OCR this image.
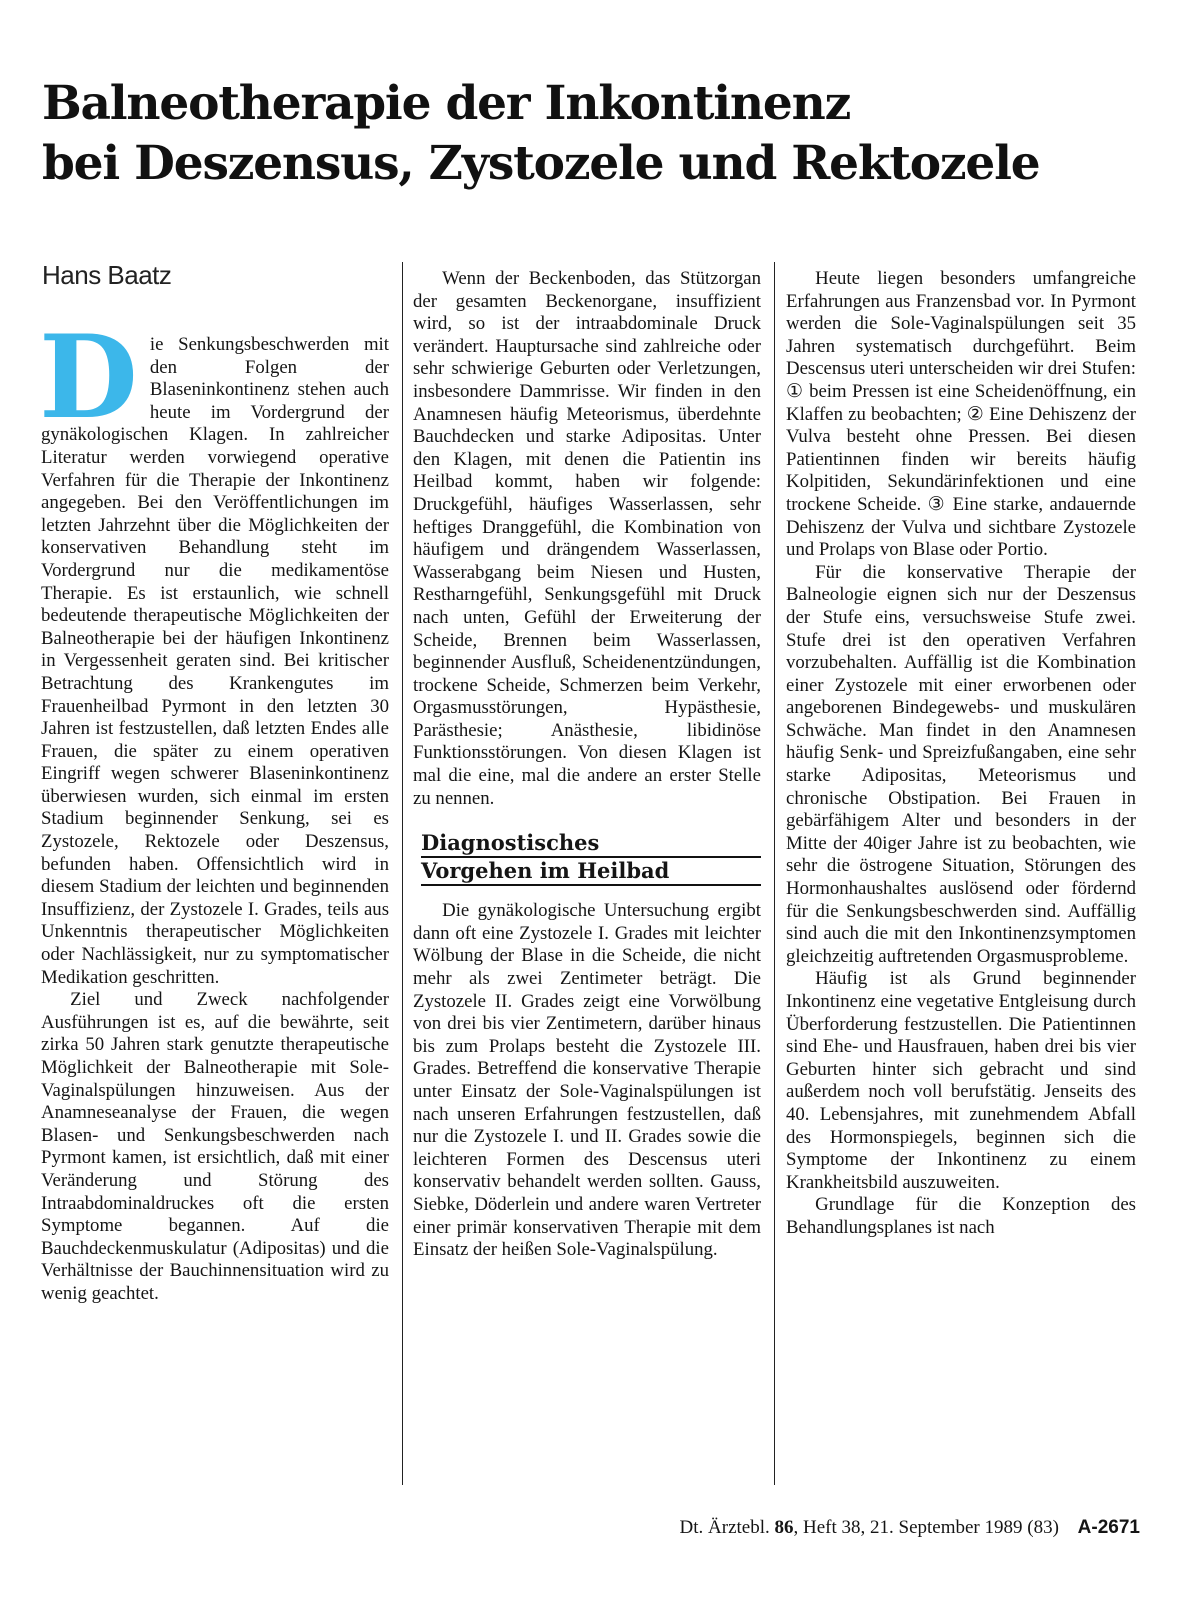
Balneotherapie der Inkontinenz
bei Deszensus, Zystozele und Rektozele
Hans Baatz
D ie Senkungsbeschwerden mit den Folgen der Blaseninkontinenz stehen auch heute im Vordergrund der gynäkologischen Klagen. In zahlreicher Literatur werden vorwiegend operative Verfahren für die Therapie der Inkontinenz angegeben. Bei den Veröffentlichungen im letzten Jahrzehnt über die Möglichkeiten der konservativen Behandlung steht im Vordergrund nur die medikamentöse Therapie. Es ist erstaunlich, wie schnell bedeutende therapeutische Möglichkeiten der Balneotherapie bei der häufigen Inkontinenz in Vergessenheit geraten sind. Bei kritischer Betrachtung des Krankengutes im Frauenheilbad Pyrmont in den letzten 30 Jahren ist festzustellen, daß letzten Endes alle Frauen, die später zu einem operativen Eingriff wegen schwerer Blaseninkontinenz überwiesen wurden, sich einmal im ersten Stadium beginnender Senkung, sei es Zystozele, Rektozele oder Deszensus, befunden haben. Offensichtlich wird in diesem Stadium der leichten und beginnenden Insuffizienz, der Zystozele I. Grades, teils aus Unkenntnis therapeutischer Möglichkeiten oder Nachlässigkeit, nur zu symptomatischer Medikation geschritten.

Ziel und Zweck nachfolgender Ausführungen ist es, auf die bewährte, seit zirka 50 Jahren stark genutzte therapeutische Möglichkeit der Balneotherapie mit Sole-Vaginalspülungen hinzuweisen. Aus der Anamneseanalyse der Frauen, die wegen Blasen- und Senkungsbeschwerden nach Pyrmont kamen, ist ersichtlich, daß mit einer Veränderung und Störung des Intraabdominaldruckes oft die ersten Symptome begannen. Auf die Bauchdeckenmuskulatur (Adipositas) und die Verhältnisse der Bauchinnensituation wird zu wenig geachtet.

Wenn der Beckenboden, das Stützorgan der gesamten Beckenorgane, insuffizient wird, so ist der intraabdominale Druck verändert. Hauptursache sind zahlreiche oder sehr schwierige Geburten oder Verletzungen, insbesondere Dammrisse. Wir finden in den Anamnesen häufig Meteorismus, überdehnte Bauchdecken und starke Adipositas. Unter den Klagen, mit denen die Patientin ins Heilbad kommt, haben wir folgende: Druckgefühl, häufiges Wasserlassen, sehr heftiges Dranggefühl, die Kombination von häufigem und drängendem Wasserlassen, Wasserabgang beim Niesen und Husten, Restharngefühl, Senkungsgefühl mit Druck nach unten, Gefühl der Erweiterung der Scheide, Brennen beim Wasserlassen, beginnender Ausfluß, Scheidenentzündungen, trockene Scheide, Schmerzen beim Verkehr, Orgasmusstörungen, Hypästhesie, Parästhesie; Anästhesie, libidinöse Funktionsstörungen. Von diesen Klagen ist mal die eine, mal die andere an erster Stelle zu nennen.

Diagnostisches
Vorgehen im Heilbad

Die gynäkologische Untersuchung ergibt dann oft eine Zystozele I. Grades mit leichter Wölbung der Blase in die Scheide, die nicht mehr als zwei Zentimeter beträgt. Die Zystozele II. Grades zeigt eine Vorwölbung von drei bis vier Zentimetern, darüber hinaus bis zum Prolaps besteht die Zystozele III. Grades. Betreffend die konservative Therapie unter Einsatz der Sole-Vaginalspülungen ist nach unseren Erfahrungen festzustellen, daß nur die Zystozele I. und II. Grades sowie die leichteren Formen des Descensus uteri konservativ behandelt werden sollten. Gauss, Siebke, Döderlein und andere waren Vertreter einer primär konservativen Therapie mit dem Einsatz der heißen Sole-Vaginalspülung.

Heute liegen besonders umfangreiche Erfahrungen aus Franzensbad vor. In Pyrmont werden die Sole-Vaginalspülungen seit 35 Jahren systematisch durchgeführt. Beim Descensus uteri unterscheiden wir drei Stufen: ① beim Pressen ist eine Scheidenöffnung, ein Klaffen zu beobachten; ② Eine Dehiszenz der Vulva besteht ohne Pressen. Bei diesen Patientinnen finden wir bereits häufig Kolpitiden, Sekundärinfektionen und eine trockene Scheide. ③ Eine starke, andauernde Dehiszenz der Vulva und sichtbare Zystozele und Prolaps von Blase oder Portio.

Für die konservative Therapie der Balneologie eignen sich nur der Deszensus der Stufe eins, versuchsweise Stufe zwei. Stufe drei ist den operativen Verfahren vorzubehalten. Auffällig ist die Kombination einer Zystozele mit einer erworbenen oder angeborenen Bindegewebs- und muskulären Schwäche. Man findet in den Anamnesen häufig Senk- und Spreizfußangaben, eine sehr starke Adipositas, Meteorismus und chronische Obstipation. Bei Frauen in gebärfähigem Alter und besonders in der Mitte der 40iger Jahre ist zu beobachten, wie sehr die östrogene Situation, Störungen des Hormonhaushaltes auslösend oder fördernd für die Senkungsbeschwerden sind. Auffällig sind auch die mit den Inkontinenzsymptomen gleichzeitig auftretenden Orgasmusprobleme.

Häufig ist als Grund beginnender Inkontinenz eine vegetative Entgleisung durch Überforderung festzustellen. Die Patientinnen sind Ehe- und Hausfrauen, haben drei bis vier Geburten hinter sich gebracht und sind außerdem noch voll berufstätig. Jenseits des 40. Lebensjahres, mit zunehmendem Abfall des Hormonspiegels, beginnen sich die Symptome der Inkontinenz zu einem Krankheitsbild auszuweiten.

Grundlage für die Konzeption des Behandlungsplanes ist nach

Dt. Ärztebl. 86, Heft 38, 21. September 1989 (83) A-2671
